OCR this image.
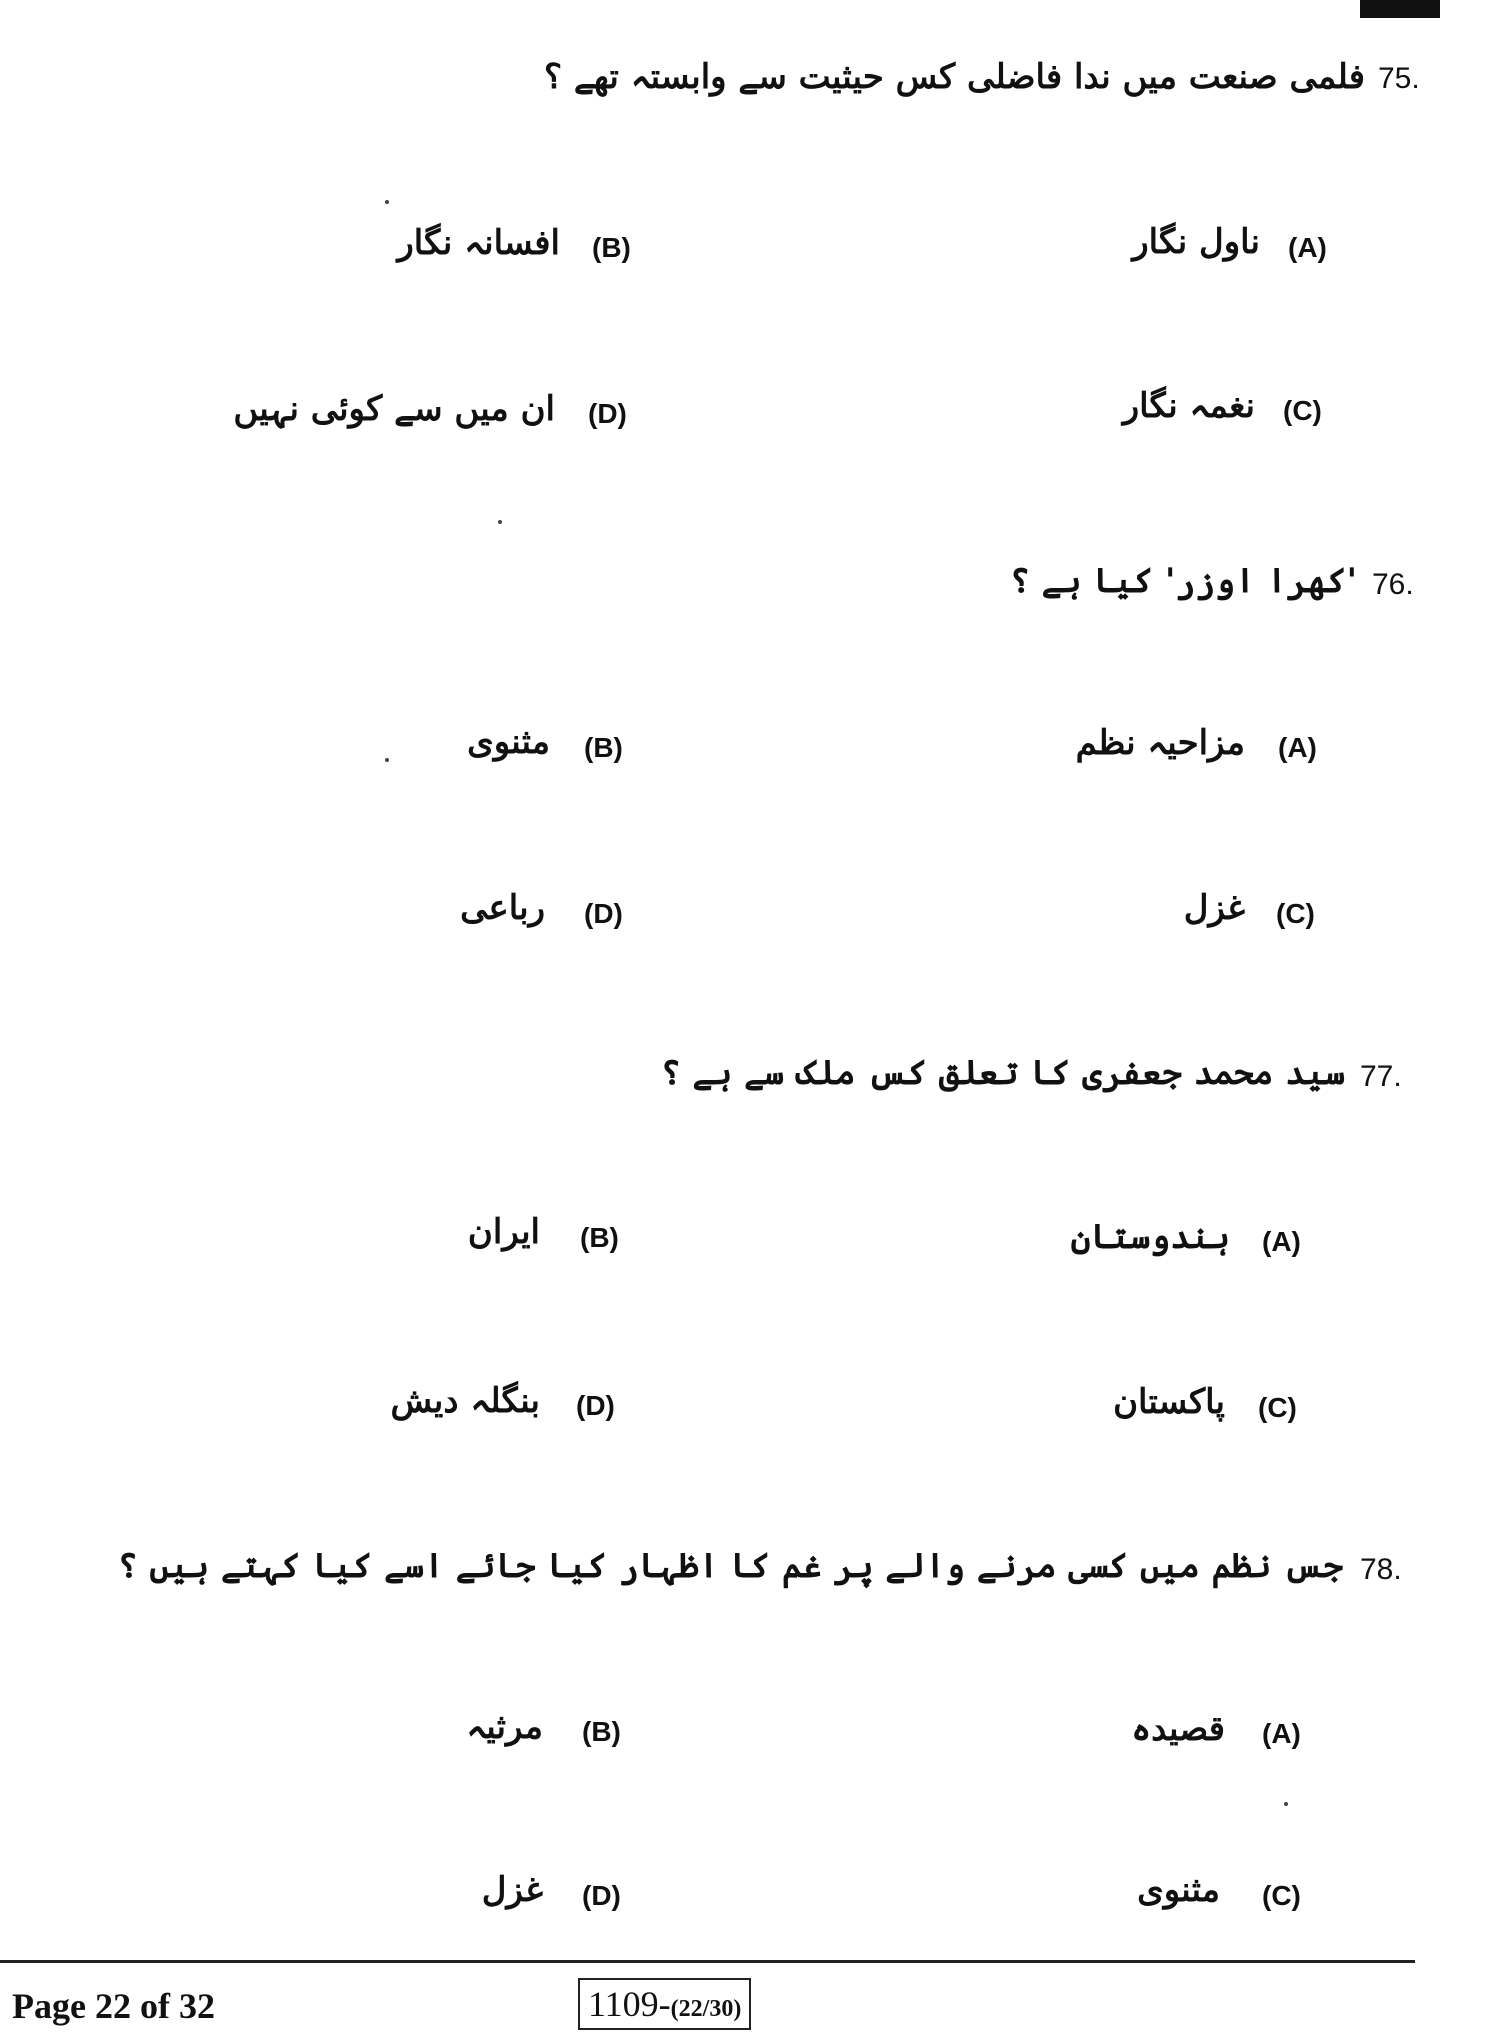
75.
فلمی صنعت میں ندا فاضلی کس حیثیت سے وابستہ تھے ؟
(A)
ناول نگار
(B)
افسانہ نگار
(C)
نغمہ نگار
(D)
ان میں سے کوئی نہیں
76.
'کھرا اوزر' کیا ہے ؟
(A)
مزاحیہ نظم
(B)
مثنوی
(C)
غزل
(D)
رباعی
77.
سید محمد جعفری کا تعلق کس ملک سے ہے ؟
(A)
ہندوستان
(B)
ایران
(C)
پاکستان
(D)
بنگلہ دیش
78.
جس نظم میں کسی مرنے والے پر غم کا اظہار کیا جائے اسے کیا کہتے ہیں ؟
(A)
قصیدہ
(B)
مرثیہ
(C)
مثنوی
(D)
غزل
Page 22 of 32	1109-(22/30)
